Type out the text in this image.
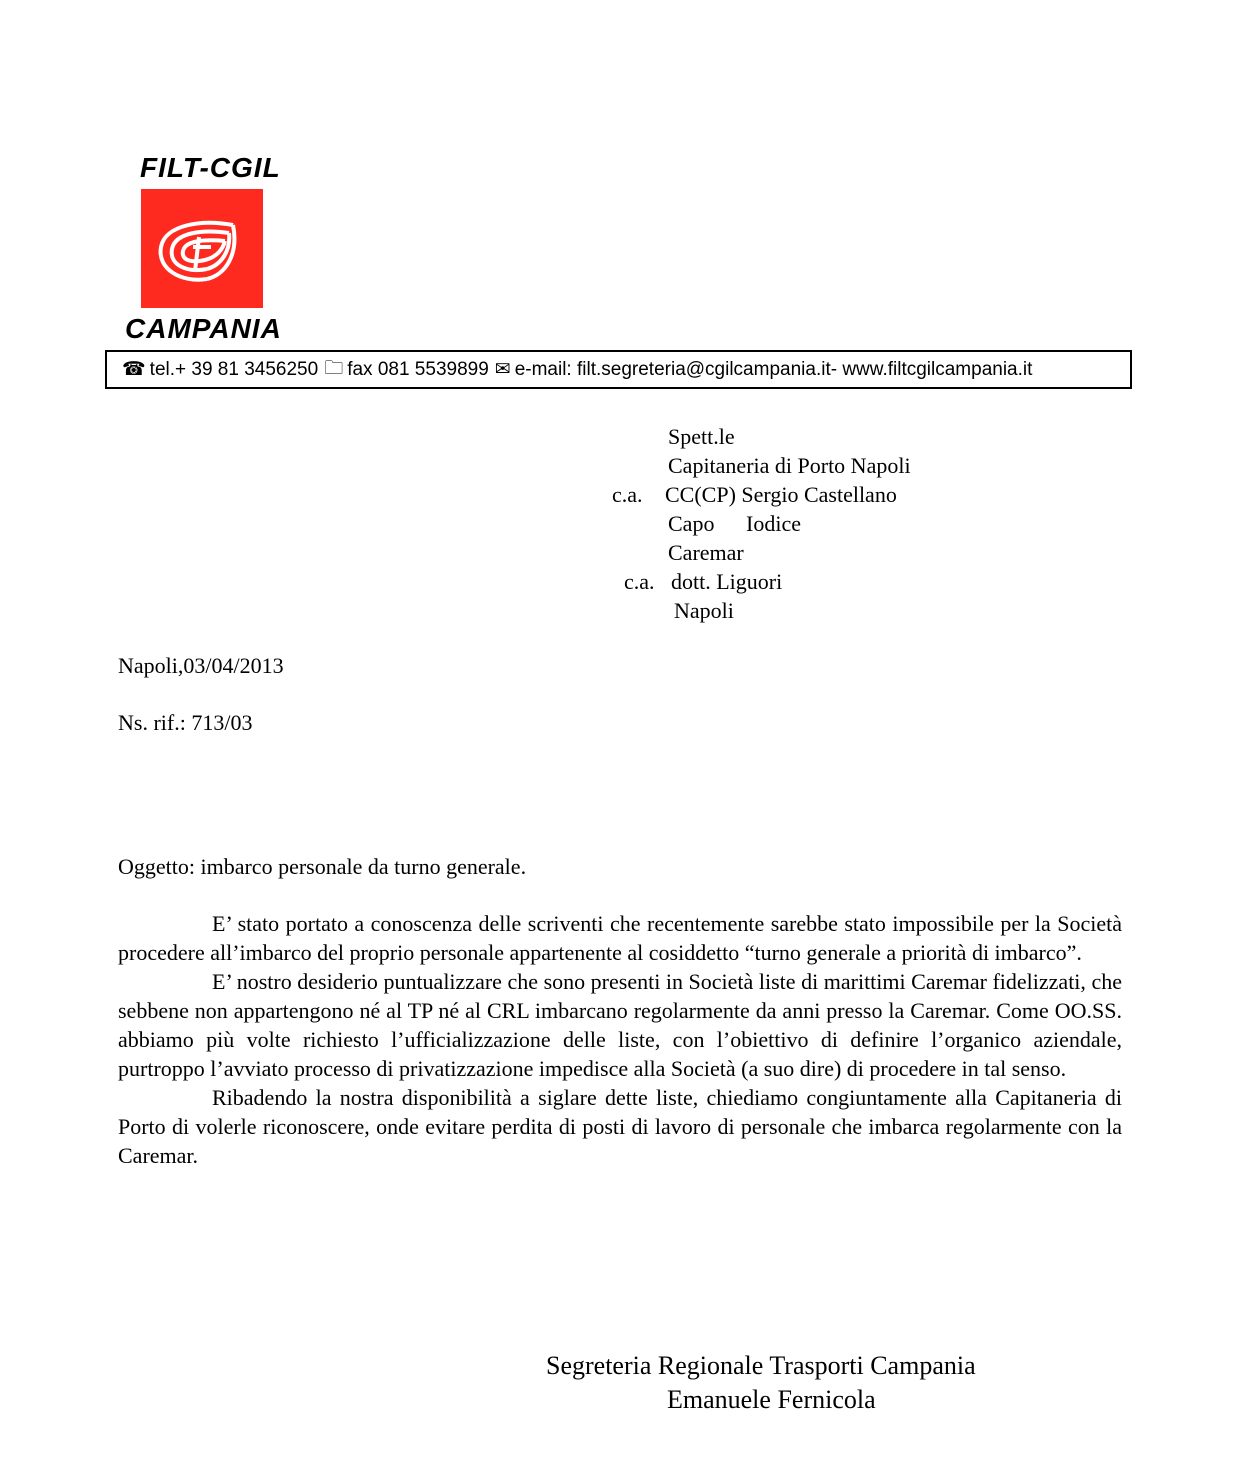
FILT-CGIL
CAMPANIA
☎ tel.+ 39 81 3456250 🗀 fax 081 5539899 ✉ e-mail: filt.segreteria@cgilcampania.it- www.filtcgilcampania.it
Spett.le
Capitaneria di Porto Napoli
c.a. CC(CP) Sergio Castellano
Capo Iodice
Caremar
c.a. dott. Liguori
Napoli
Napoli,03/04/2013
Ns. rif.: 713/03
Oggetto: imbarco personale da turno generale.

E’ stato portato a conoscenza delle scriventi che recentemente sarebbe stato impossibile per la Società procedere all’imbarco del proprio personale appartenente al cosiddetto “turno generale a priorità di imbarco”.

E’ nostro desiderio puntualizzare che sono presenti in Società liste di marittimi Caremar fidelizzati, che sebbene non appartengono né al TP né al CRL imbarcano regolarmente da anni presso la Caremar. Come OO.SS. abbiamo più volte richiesto l’ufficializzazione delle liste, con l’obiettivo di definire l’organico aziendale, purtroppo l’avviato processo di privatizzazione impedisce alla Società (a suo dire) di procedere in tal senso.

Ribadendo la nostra disponibilità a siglare dette liste, chiediamo congiuntamente alla Capitaneria di Porto di volerle riconoscere, onde evitare perdita di posti di lavoro di personale che imbarca regolarmente con la Caremar.

Segreteria Regionale Trasporti Campania
Emanuele Fernicola
